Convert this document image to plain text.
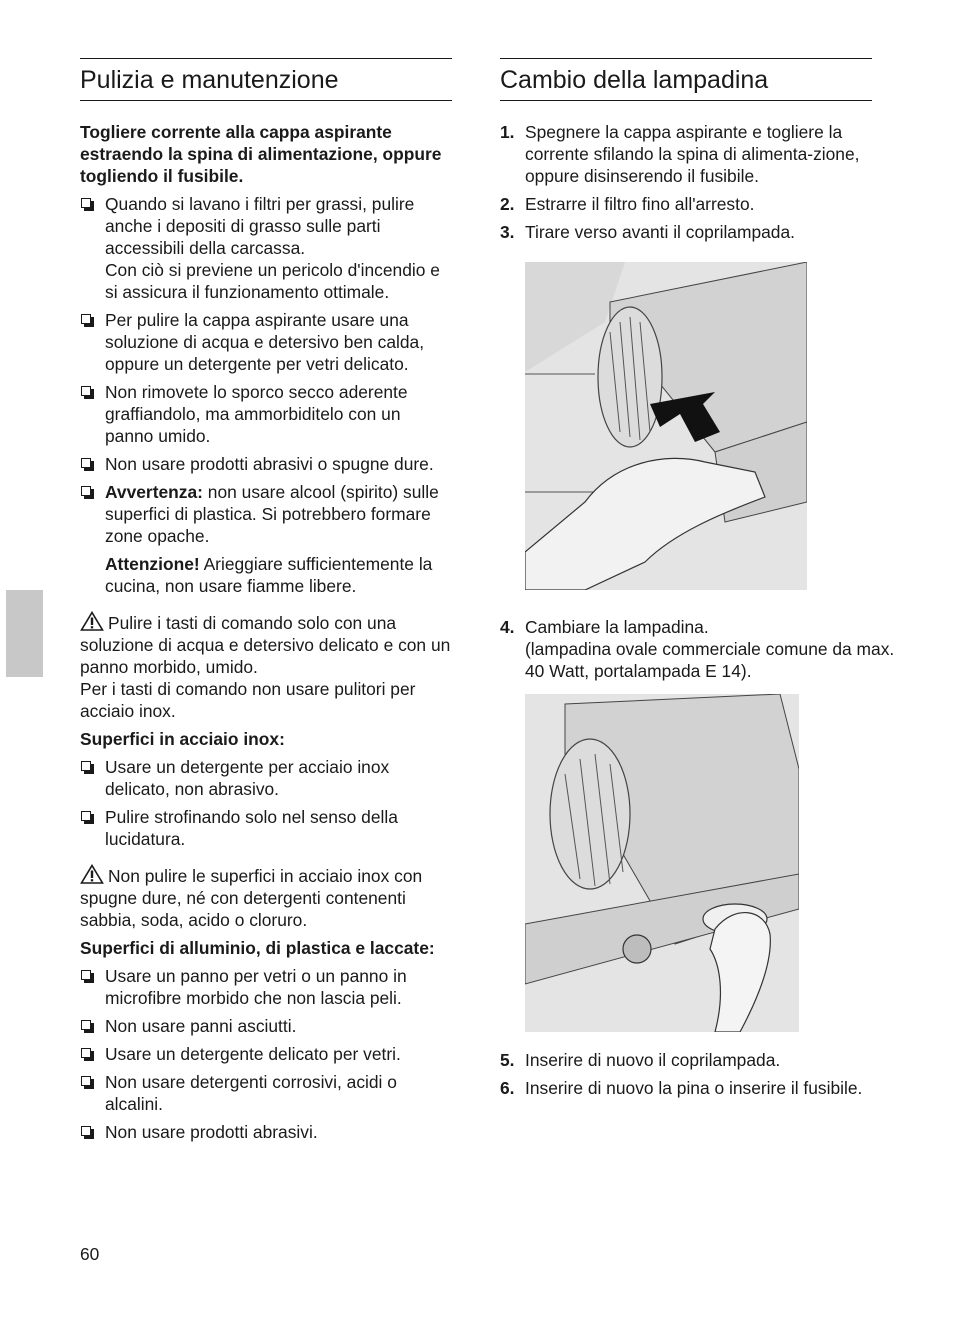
Pulizia e manutenzione

Togliere corrente alla cappa aspirante estraendo la spina di alimentazione, oppure togliendo il fusibile.

Quando si lavano i filtri per grassi, pulire anche i depositi di grasso sulle parti accessibili della carcassa.
Con ciò si previene un pericolo d'incendio e si assicura il funzionamento ottimale.
Per pulire la cappa aspirante usare una soluzione di acqua e detersivo ben calda, oppure un detergente per vetri delicato.
Non rimovete lo sporco secco aderente graffiandolo, ma ammorbiditelo con un panno umido.
Non usare prodotti abrasivi o spugne dure.
Avvertenza: non usare alcool (spirito) sulle superfici di plastica. Si potrebbero formare zone opache.
Attenzione! Arieggiare sufficientemente la cucina, non usare fiamme libere.

Pulire i tasti di comando solo con una soluzione di acqua e detersivo delicato e con un panno morbido, umido.
Per i tasti di comando non usare pulitori per acciaio inox.

Superfici in acciaio inox:

Usare un detergente per acciaio inox delicato, non abrasivo.
Pulire strofinando solo nel senso della lucidatura.

Non pulire le superfici in acciaio inox con spugne dure, né con detergenti contenenti sabbia, soda, acido o cloruro.

Superfici di alluminio, di plastica e laccate:

Usare un panno per vetri o un panno in microfibre morbido che non lascia peli.
Non usare panni asciutti.
Usare un detergente delicato per vetri.
Non usare detergenti corrosivi, acidi o alcalini.
Non usare prodotti abrasivi.
Cambio della lampadina
1. Spegnere la cappa aspirante e togliere la corrente sfilando la spina di alimenta-zione, oppure disinserendo il fusibile.
2. Estrarre il filtro fino all'arresto.
3. Tirare verso avanti il coprilampada.
4. Cambiare la lampadina.
(lampadina ovale commerciale comune da max. 40 Watt, portalampada E 14).
5. Inserire di nuovo il coprilampada.
6. Inserire di nuovo la pina o inserire il fusibile.
60
